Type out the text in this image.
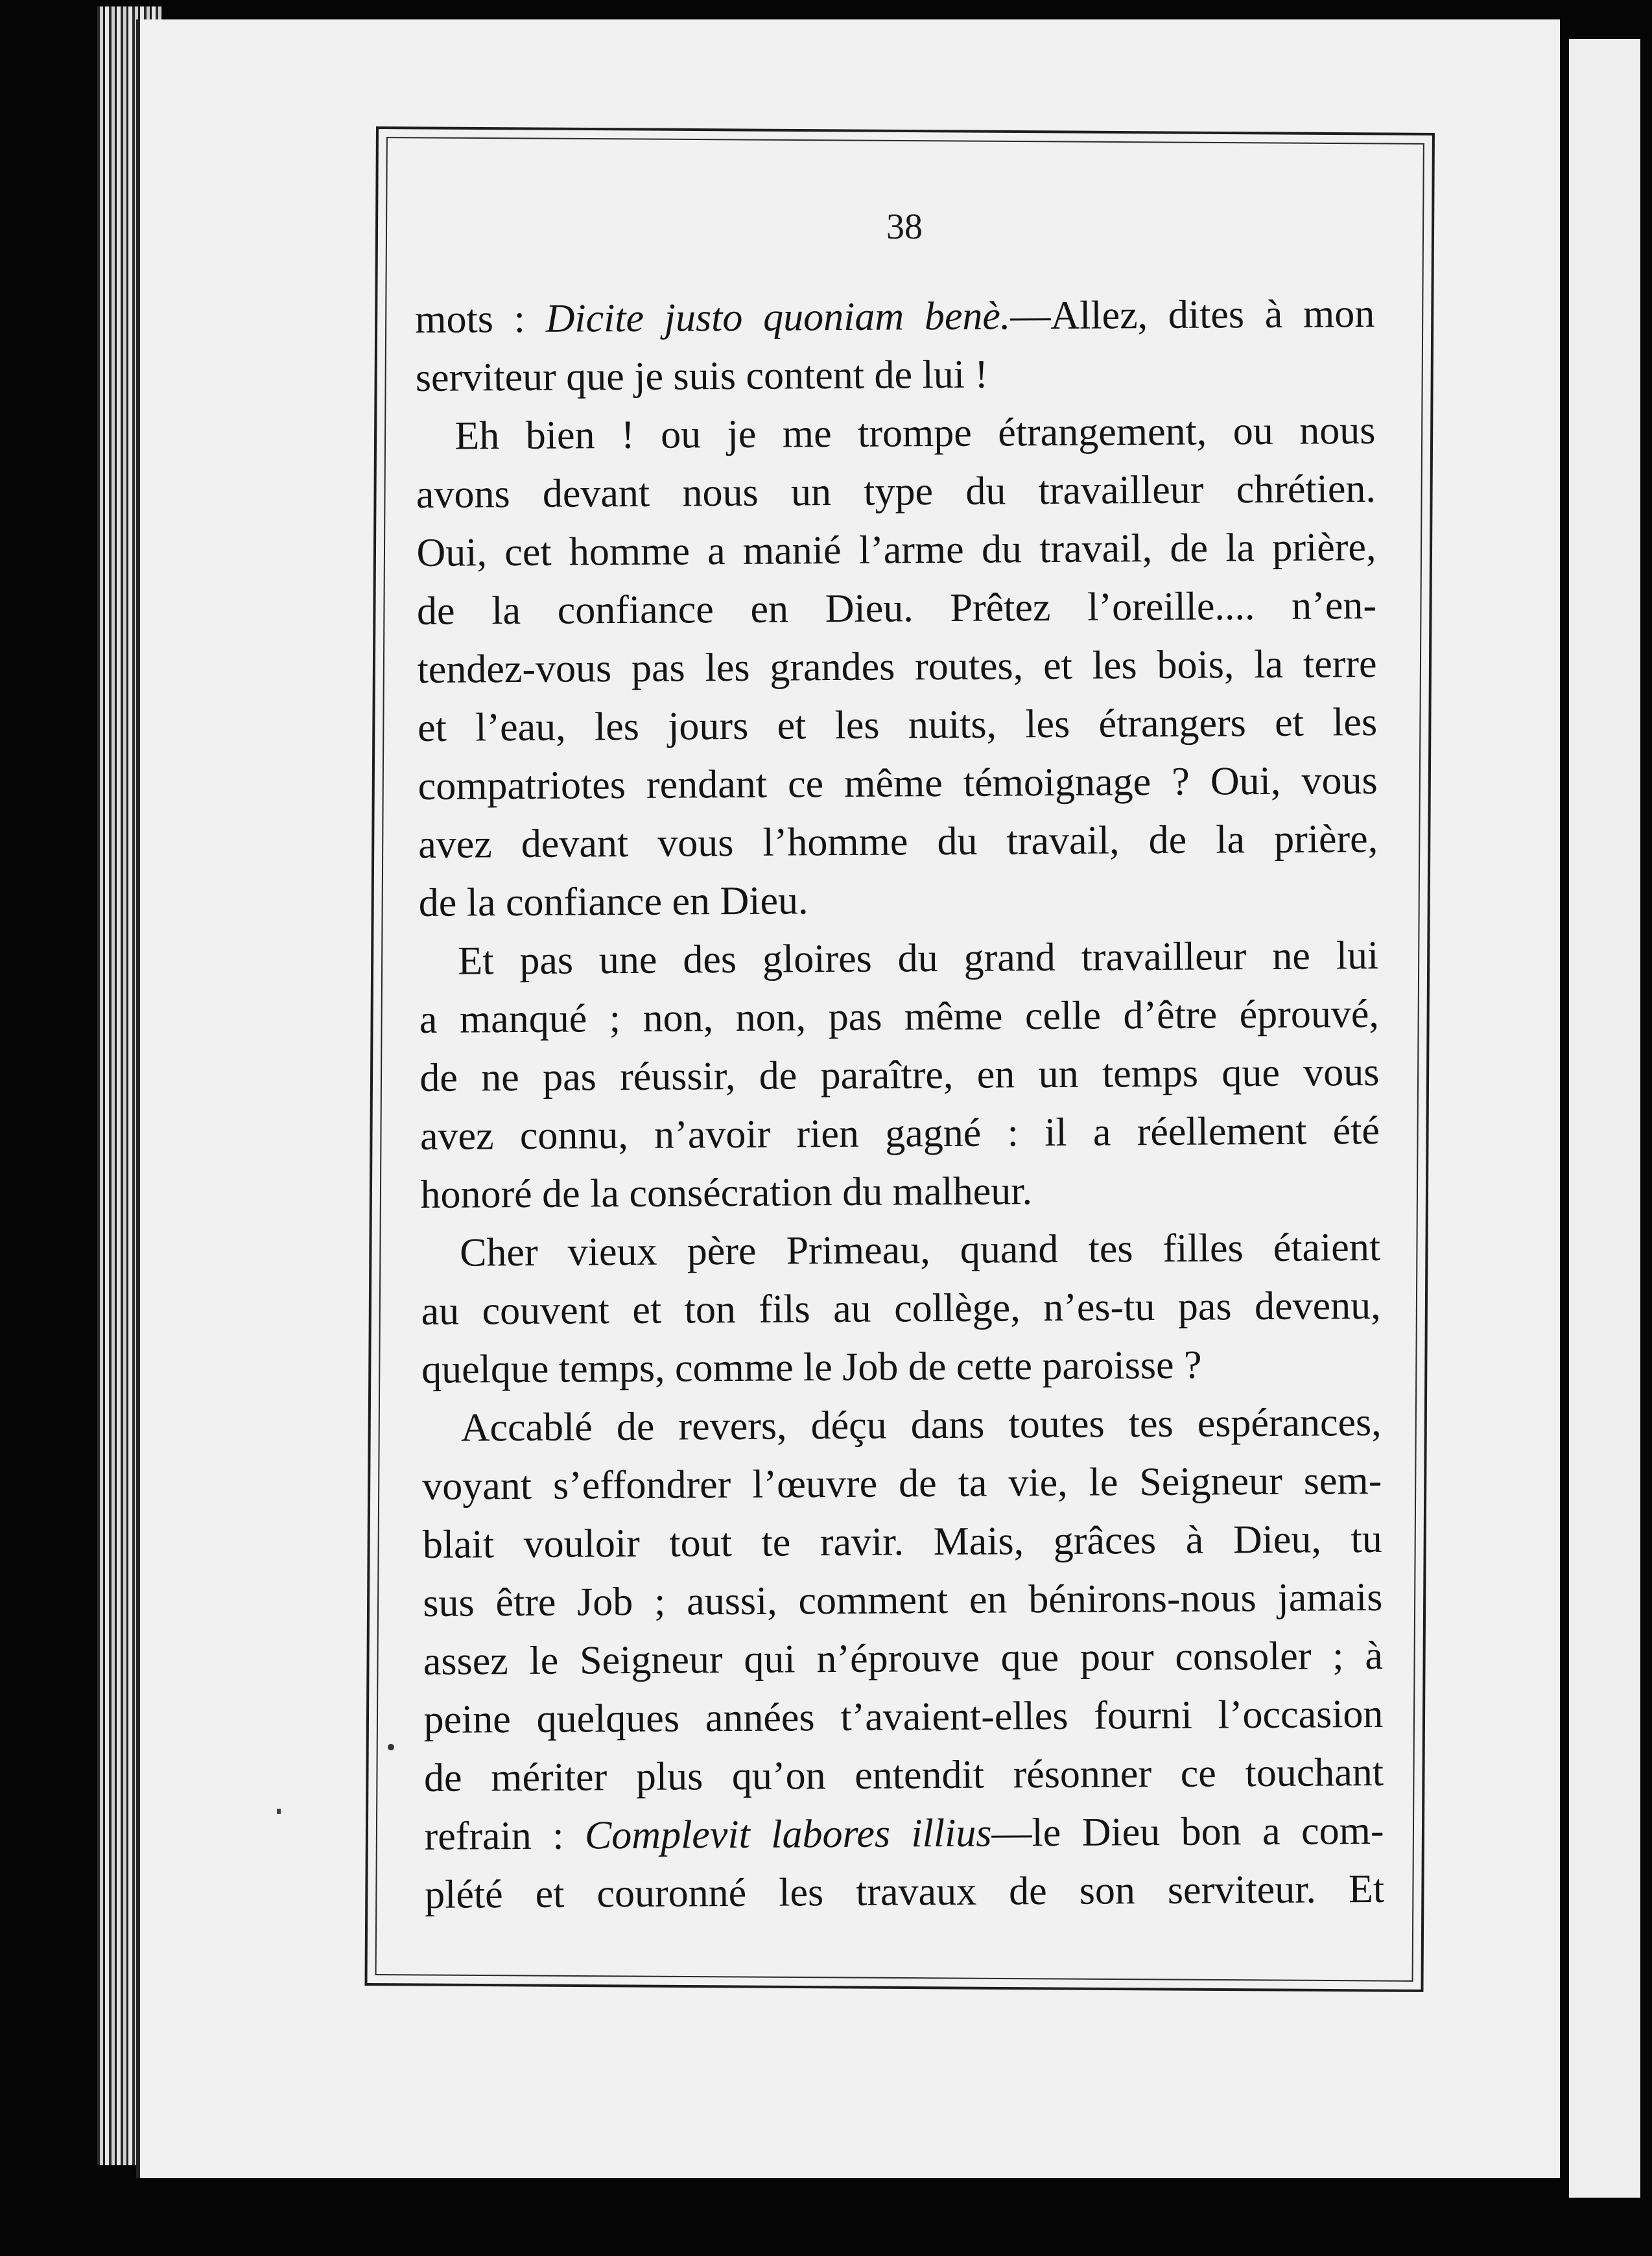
38
mots : Dicite justo quoniam benè.—Allez, dites à mon
serviteur que je suis content de lui !
Eh bien ! ou je me trompe étrangement, ou nous
avons devant nous un type du travailleur chrétien.
Oui, cet homme a manié l’arme du travail, de la prière,
de la confiance en Dieu. Prêtez l’oreille.... n’en-
tendez-vous pas les grandes routes, et les bois, la terre
et l’eau, les jours et les nuits, les étrangers et les
compatriotes rendant ce même témoignage ? Oui, vous
avez devant vous l’homme du travail, de la prière,
de la confiance en Dieu.
Et pas une des gloires du grand travailleur ne lui
a manqué ; non, non, pas même celle d’être éprouvé,
de ne pas réussir, de paraître, en un temps que vous
avez connu, n’avoir rien gagné : il a réellement été
honoré de la consécration du malheur.
Cher vieux père Primeau, quand tes filles étaient
au couvent et ton fils au collège, n’es-tu pas devenu,
quelque temps, comme le Job de cette paroisse ?
Accablé de revers, déçu dans toutes tes espérances,
voyant s’effondrer l’œuvre de ta vie, le Seigneur sem-
blait vouloir tout te ravir. Mais, grâces à Dieu, tu
sus être Job ; aussi, comment en bénirons-nous jamais
assez le Seigneur qui n’éprouve que pour consoler ; à
peine quelques années t’avaient-elles fourni l’occasion
de mériter plus qu’on entendit résonner ce touchant
refrain : Complevit labores illius—le Dieu bon a com-
plété et couronné les travaux de son serviteur. Et
